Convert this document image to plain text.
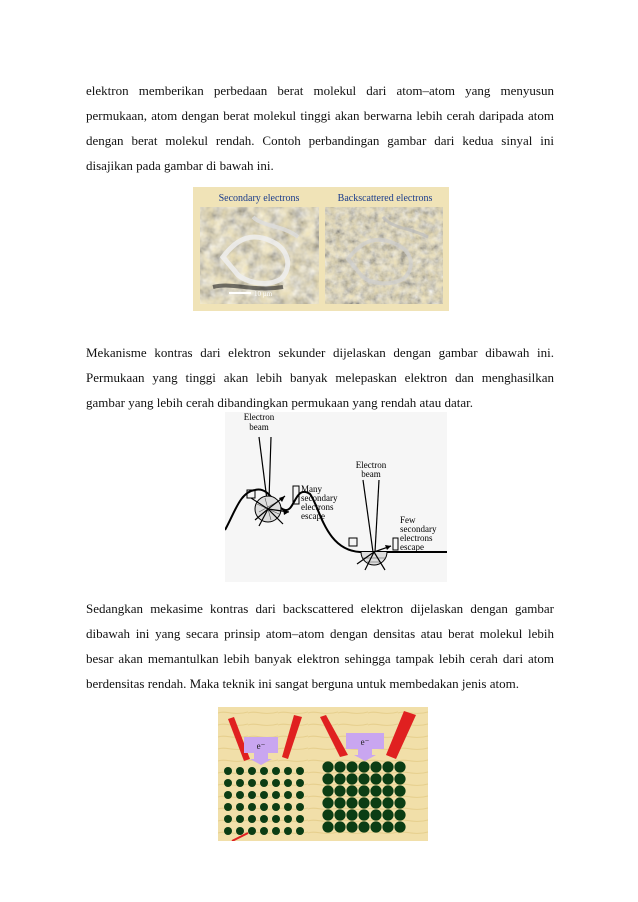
elektron memberikan perbedaan berat molekul dari atom–atom yang menyusun permukaan, atom dengan berat molekul tinggi akan berwarna lebih cerah daripada atom dengan berat molekul rendah. Contoh perbandingan gambar dari kedua sinyal ini disajikan pada gambar di bawah ini.

Secondary electrons	Backscattered electrons
10 µm

Mekanisme kontras dari elektron sekunder dijelaskan dengan gambar dibawah ini. Permukaan yang tinggi akan lebih banyak melepaskan elektron dan menghasilkan gambar yang lebih cerah dibandingkan permukaan yang rendah atau datar.

Electron
beam
Many
secondary
electrons
escape
Electron
beam
Few
secondary
electrons
escape

Sedangkan mekasime kontras dari backscattered elektron dijelaskan dengan gambar dibawah ini yang secara prinsip atom–atom dengan densitas atau berat molekul lebih besar akan memantulkan lebih banyak elektron sehingga tampak lebih cerah dari atom berdensitas rendah. Maka teknik ini sangat berguna untuk membedakan jenis atom.

e⁻	e⁻
